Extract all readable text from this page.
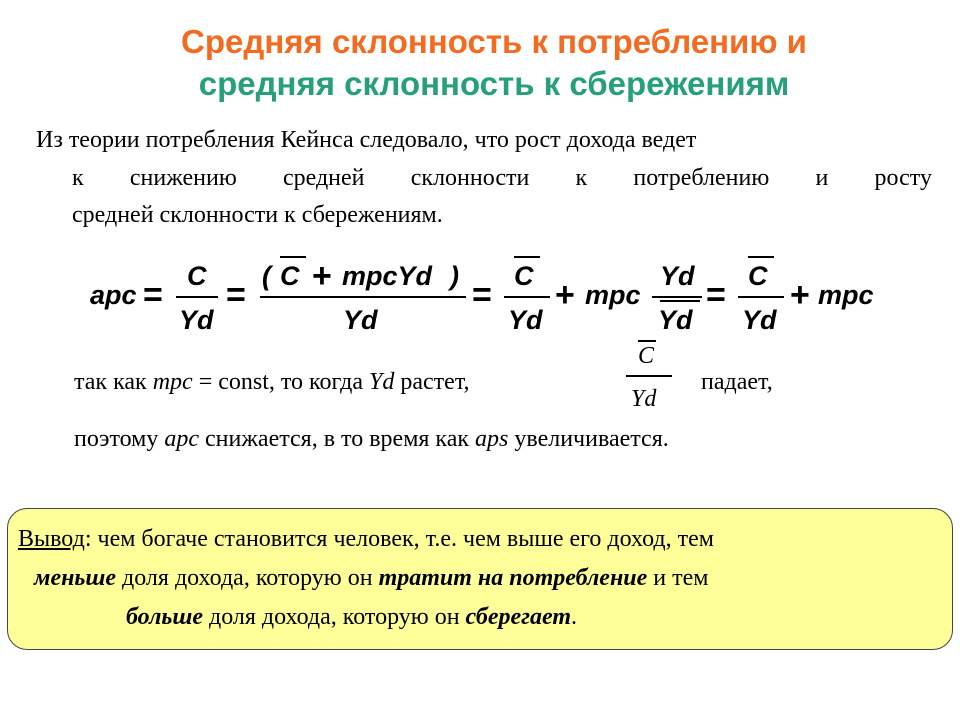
Средняя склонность к потреблению и
средняя склонность к сбережениям
Из теории потребления Кейнса следовало, что рост дохода ведет
к снижению средней склонности к потреблению и росту
средней склонности к сбережениям.
apc = C
Yd
= ( C + mpcYd )
Yd
= C
Yd
+ mpc
Yd
Yd
= C
Yd
+ mpc
так как mpc = const, то когда Yd растет,
C
Yd
падает,
поэтому apc снижается, в то время как aps увеличивается.
Вывод: чем богаче становится человек, т.е. чем выше его доход, тем
меньше доля дохода, которую он тратит на потребление и тем
больше доля дохода, которую он сберегает.
